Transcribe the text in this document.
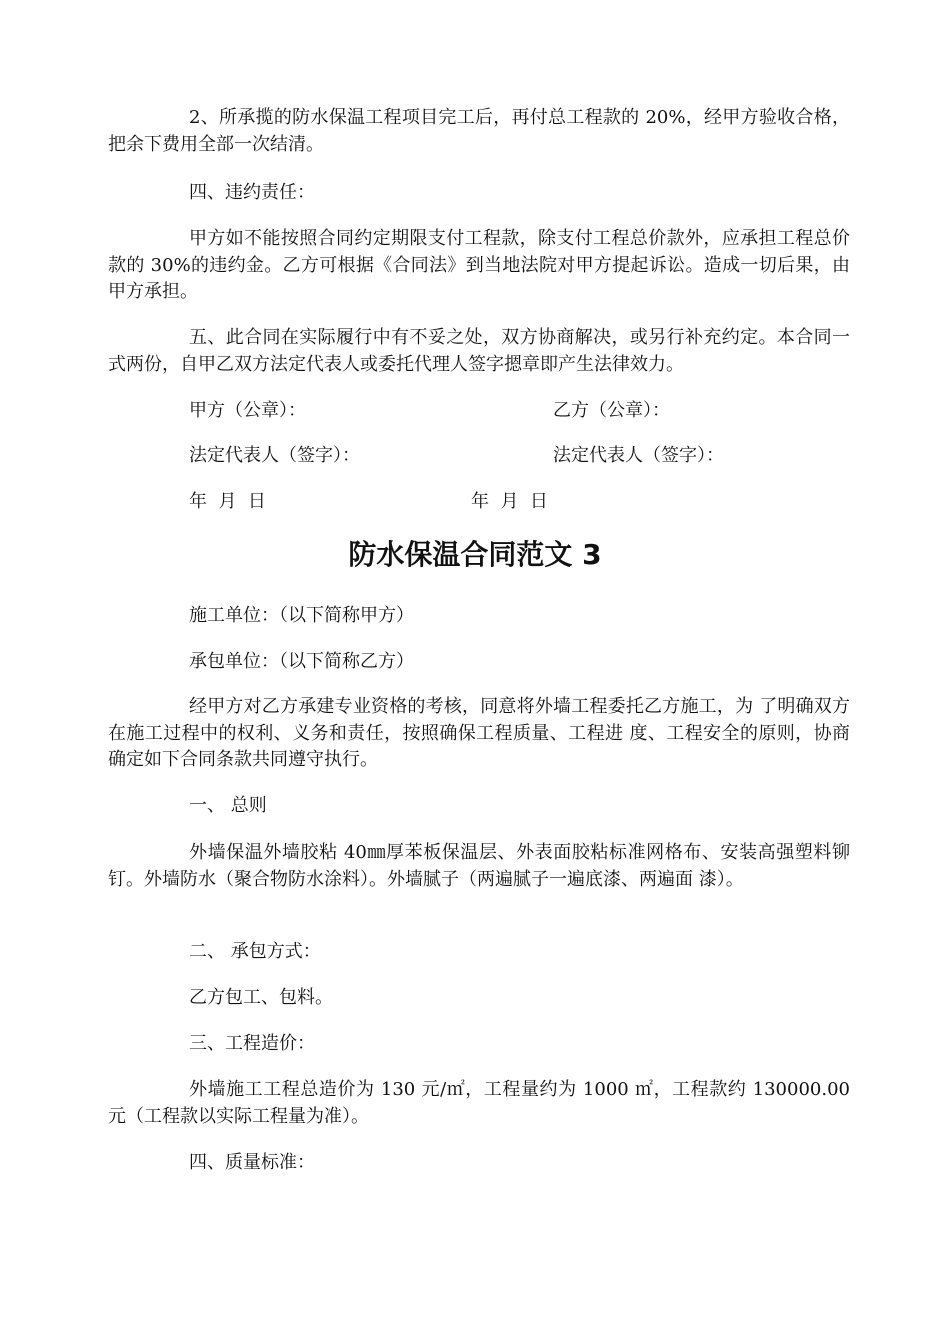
2、所承揽的防水保温工程项目完工后，再付总工程款的 20%，经甲方验收合格，把余下费用全部一次结清。
四、违约责任：
甲方如不能按照合同约定期限支付工程款，除支付工程总价款外，应承担工程总价款的 30%的违约金。乙方可根据《合同法》到当地法院对甲方提起诉讼。造成一切后果，由甲方承担。
五、此合同在实际履行中有不妥之处，双方协商解决，或另行补充约定。本合同一式两份，自甲乙双方法定代表人或委托代理人签字摁章即产生法律效力。
甲方（公章）：	乙方（公章）：
法定代表人（签字）：	法定代表人（签字）：
年  月  日	年  月  日
防水保温合同范文 3
施工单位：（以下简称甲方）
承包单位：（以下简称乙方）
经甲方对乙方承建专业资格的考核，同意将外墙工程委托乙方施工，为 了明确双方在施工过程中的权利、义务和责任，按照确保工程质量、工程进 度、工程安全的原则，协商确定如下合同条款共同遵守执行。
一、 总则
外墙保温外墙胶粘 40㎜厚苯板保温层、外表面胶粘标准网格布、安装高强塑料铆钉。外墙防水（聚合物防水涂料）。外墙腻子（两遍腻子一遍底漆、两遍面 漆）。
二、 承包方式：
乙方包工、包料。
三、工程造价：
外墙施工工程总造价为 130 元/㎡，工程量约为 1000 ㎡，工程款约 130000.00 元（工程款以实际工程量为准）。
四、质量标准：
